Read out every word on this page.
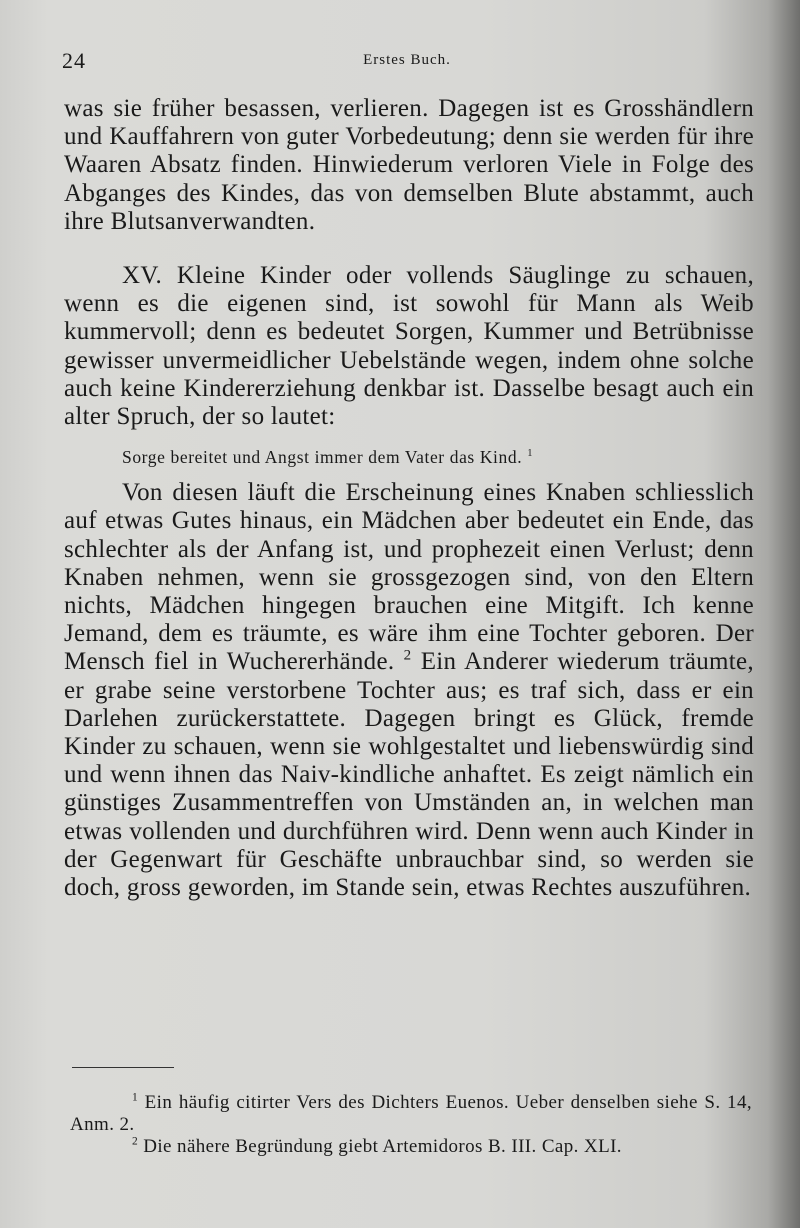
24	Erstes Buch.

was sie früher besassen, verlieren. Dagegen ist es Grosshändlern und Kauffahrern von guter Vorbedeutung; denn sie werden für ihre Waaren Absatz finden. Hinwiederum verloren Viele in Folge des Abganges des Kindes, das von demselben Blute abstammt, auch ihre Blutsanverwandten.

XV. Kleine Kinder oder vollends Säuglinge zu schauen, wenn es die eigenen sind, ist sowohl für Mann als Weib kummervoll; denn es bedeutet Sorgen, Kummer und Betrübnisse gewisser unvermeidlicher Uebelstände wegen, indem ohne solche auch keine Kindererziehung denkbar ist. Dasselbe besagt auch ein alter Spruch, der so lautet:

Sorge bereitet und Angst immer dem Vater das Kind. $^1$

Von diesen läuft die Erscheinung eines Knaben schliesslich auf etwas Gutes hinaus, ein Mädchen aber bedeutet ein Ende, das schlechter als der Anfang ist, und prophezeit einen Verlust; denn Knaben nehmen, wenn sie grossgezogen sind, von den Eltern nichts, Mädchen hingegen brauchen eine Mitgift. Ich kenne Jemand, dem es träumte, es wäre ihm eine Tochter geboren. Der Mensch fiel in Wuchererhände. $^2$ Ein Anderer wiederum träumte, er grabe seine verstorbene Tochter aus; es traf sich, dass er ein Darlehen zurückerstattete. Dagegen bringt es Glück, fremde Kinder zu schauen, wenn sie wohlgestaltet und liebenswürdig sind und wenn ihnen das Naiv-kindliche anhaftet. Es zeigt nämlich ein günstiges Zusammentreffen von Umständen an, in welchen man etwas vollenden und durchführen wird. Denn wenn auch Kinder in der Gegenwart für Geschäfte unbrauchbar sind, so werden sie doch, gross geworden, im Stande sein, etwas Rechtes auszuführen.

$^1$ Ein häufig citirter Vers des Dichters Euenos. Ueber denselben siehe S. 14, Anm. 2.

$^2$ Die nähere Begründung giebt Artemidoros B. III. Cap. XLI.
